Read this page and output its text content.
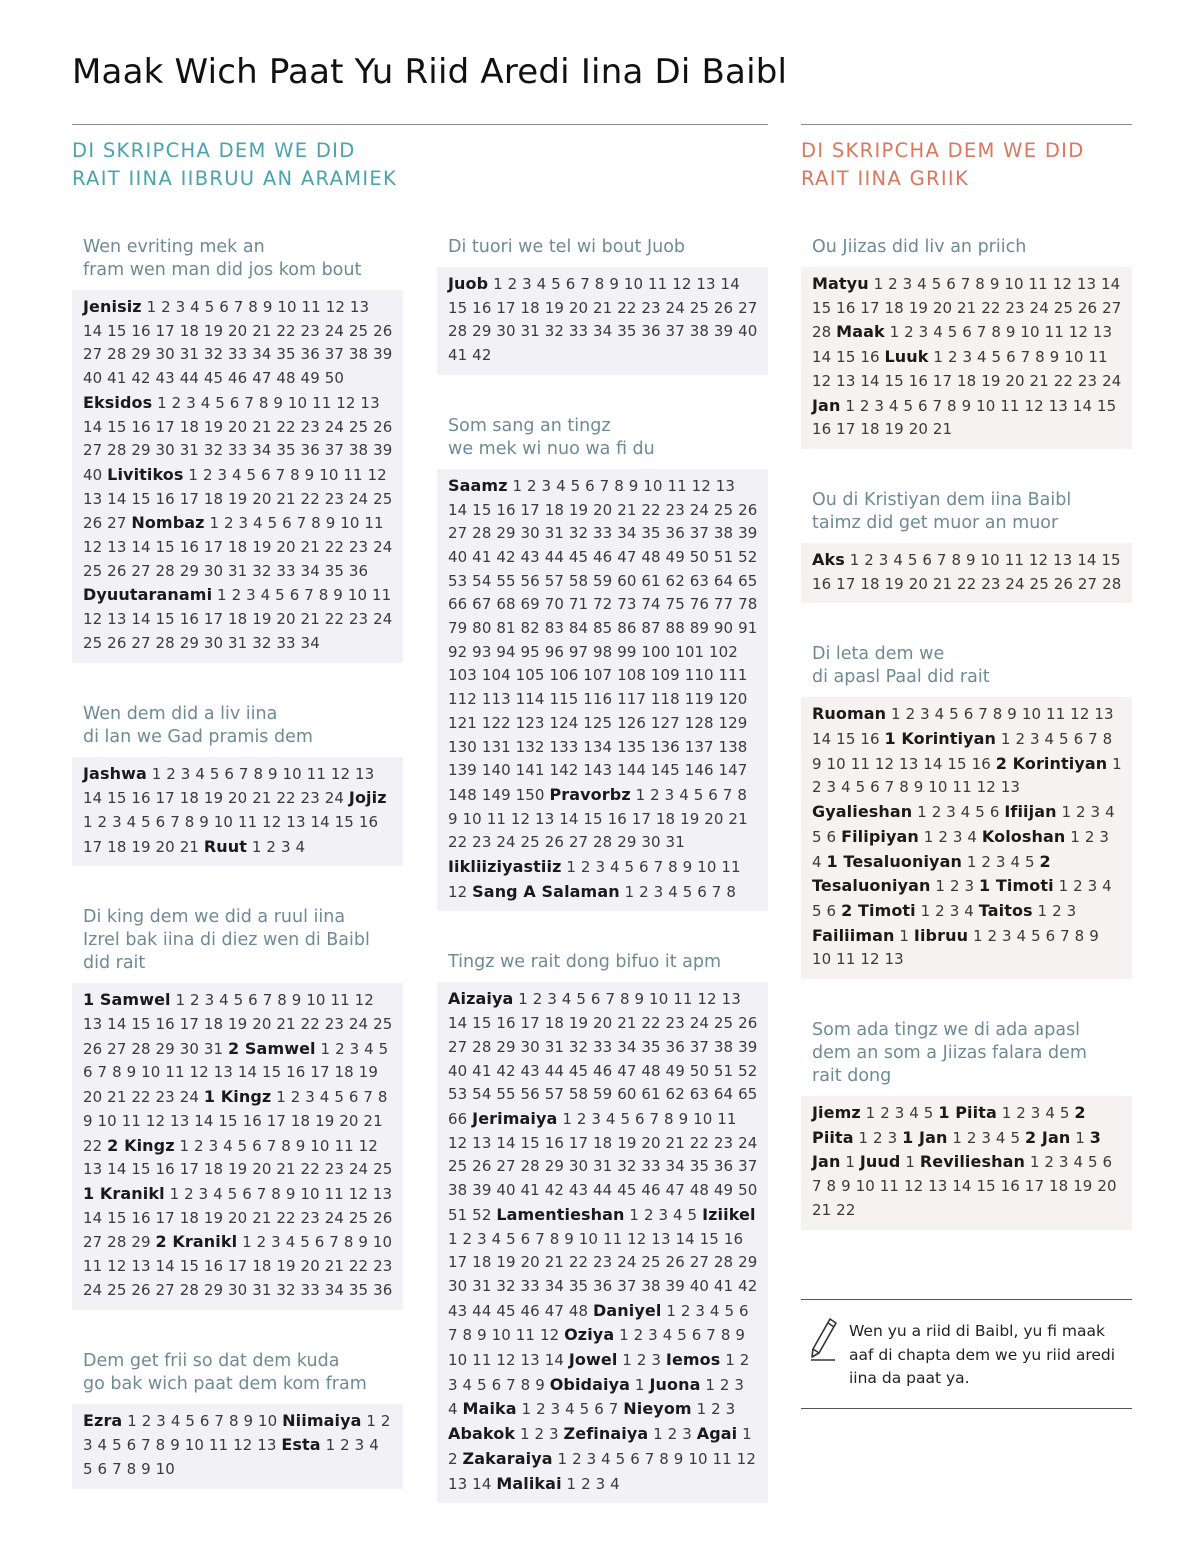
Maak Wich Paat Yu Riid Aredi Iina Di Baibl
DI SKRIPCHA DEM WE DID
RAIT IINA IIBRUU AN ARAMIEK
DI SKRIPCHA DEM WE DID
RAIT IINA GRIIK
Wen evriting mek an
fram wen man did jos kom bout
Jenisiz 1 2 3 4 5 6 7 8 9 10 11 12 13 14 15 16 17 18 19 20 21 22 23 24 25 26 27 28 29 30 31 32 33 34 35 36 37 38 39 40 41 42 43 44 45 46 47 48 49 50 Eksidos 1 2 3 4 5 6 7 8 9 10 11 12 13 14 15 16 17 18 19 20 21 22 23 24 25 26 27 28 29 30 31 32 33 34 35 36 37 38 39 40 Livitikos 1 2 3 4 5 6 7 8 9 10 11 12 13 14 15 16 17 18 19 20 21 22 23 24 25 26 27 Nombaz 1 2 3 4 5 6 7 8 9 10 11 12 13 14 15 16 17 18 19 20 21 22 23 24 25 26 27 28 29 30 31 32 33 34 35 36 Dyuutaranami 1 2 3 4 5 6 7 8 9 10 11 12 13 14 15 16 17 18 19 20 21 22 23 24 25 26 27 28 29 30 31 32 33 34
Wen dem did a liv iina
di lan we Gad pramis dem
Jashwa 1 2 3 4 5 6 7 8 9 10 11 12 13 14 15 16 17 18 19 20 21 22 23 24 Jojiz 1 2 3 4 5 6 7 8 9 10 11 12 13 14 15 16 17 18 19 20 21 Ruut 1 2 3 4
Di king dem we did a ruul iina
Izrel bak iina di diez wen di Baibl
did rait
1 Samwel 1 2 3 4 5 6 7 8 9 10 11 12 13 14 15 16 17 18 19 20 21 22 23 24 25 26 27 28 29 30 31 2 Samwel 1 2 3 4 5 6 7 8 9 10 11 12 13 14 15 16 17 18 19 20 21 22 23 24 1 Kingz 1 2 3 4 5 6 7 8 9 10 11 12 13 14 15 16 17 18 19 20 21 22 2 Kingz 1 2 3 4 5 6 7 8 9 10 11 12 13 14 15 16 17 18 19 20 21 22 23 24 25 1 Kranikl 1 2 3 4 5 6 7 8 9 10 11 12 13 14 15 16 17 18 19 20 21 22 23 24 25 26 27 28 29 2 Kranikl 1 2 3 4 5 6 7 8 9 10 11 12 13 14 15 16 17 18 19 20 21 22 23 24 25 26 27 28 29 30 31 32 33 34 35 36
Dem get frii so dat dem kuda
go bak wich paat dem kom fram
Ezra 1 2 3 4 5 6 7 8 9 10 Niimaiya 1 2 3 4 5 6 7 8 9 10 11 12 13 Esta 1 2 3 4 5 6 7 8 9 10
Di tuori we tel wi bout Juob
Juob 1 2 3 4 5 6 7 8 9 10 11 12 13 14 15 16 17 18 19 20 21 22 23 24 25 26 27 28 29 30 31 32 33 34 35 36 37 38 39 40 41 42
Som sang an tingz
we mek wi nuo wa fi du
Saamz 1 2 3 4 5 6 7 8 9 10 11 12 13 14 15 16 17 18 19 20 21 22 23 24 25 26 27 28 29 30 31 32 33 34 35 36 37 38 39 40 41 42 43 44 45 46 47 48 49 50 51 52 53 54 55 56 57 58 59 60 61 62 63 64 65 66 67 68 69 70 71 72 73 74 75 76 77 78 79 80 81 82 83 84 85 86 87 88 89 90 91 92 93 94 95 96 97 98 99 100 101 102 103 104 105 106 107 108 109 110 111 112 113 114 115 116 117 118 119 120 121 122 123 124 125 126 127 128 129 130 131 132 133 134 135 136 137 138 139 140 141 142 143 144 145 146 147 148 149 150 Pravorbz 1 2 3 4 5 6 7 8 9 10 11 12 13 14 15 16 17 18 19 20 21 22 23 24 25 26 27 28 29 30 31 Iikliiziyastiiz 1 2 3 4 5 6 7 8 9 10 11 12 Sang A Salaman 1 2 3 4 5 6 7 8
Tingz we rait dong bifuo it apm
Aizaiya 1 2 3 4 5 6 7 8 9 10 11 12 13 14 15 16 17 18 19 20 21 22 23 24 25 26 27 28 29 30 31 32 33 34 35 36 37 38 39 40 41 42 43 44 45 46 47 48 49 50 51 52 53 54 55 56 57 58 59 60 61 62 63 64 65 66 Jerimaiya 1 2 3 4 5 6 7 8 9 10 11 12 13 14 15 16 17 18 19 20 21 22 23 24 25 26 27 28 29 30 31 32 33 34 35 36 37 38 39 40 41 42 43 44 45 46 47 48 49 50 51 52 Lamentieshan 1 2 3 4 5 Iziikel 1 2 3 4 5 6 7 8 9 10 11 12 13 14 15 16 17 18 19 20 21 22 23 24 25 26 27 28 29 30 31 32 33 34 35 36 37 38 39 40 41 42 43 44 45 46 47 48 Daniyel 1 2 3 4 5 6 7 8 9 10 11 12 Oziya 1 2 3 4 5 6 7 8 9 10 11 12 13 14 Jowel 1 2 3 Iemos 1 2 3 4 5 6 7 8 9 Obidaiya 1 Juona 1 2 3 4 Maika 1 2 3 4 5 6 7 Nieyom 1 2 3 Abakok 1 2 3 Zefinaiya 1 2 3 Agai 1 2 Zakaraiya 1 2 3 4 5 6 7 8 9 10 11 12 13 14 Malikai 1 2 3 4
Ou Jiizas did liv an priich
Matyu 1 2 3 4 5 6 7 8 9 10 11 12 13 14 15 16 17 18 19 20 21 22 23 24 25 26 27 28 Maak 1 2 3 4 5 6 7 8 9 10 11 12 13 14 15 16 Luuk 1 2 3 4 5 6 7 8 9 10 11 12 13 14 15 16 17 18 19 20 21 22 23 24 Jan 1 2 3 4 5 6 7 8 9 10 11 12 13 14 15 16 17 18 19 20 21
Ou di Kristiyan dem iina Baibl
taimz did get muor an muor
Aks 1 2 3 4 5 6 7 8 9 10 11 12 13 14 15 16 17 18 19 20 21 22 23 24 25 26 27 28
Di leta dem we
di apasl Paal did rait
Ruoman 1 2 3 4 5 6 7 8 9 10 11 12 13 14 15 16 1 Korintiyan 1 2 3 4 5 6 7 8 9 10 11 12 13 14 15 16 2 Korintiyan 1 2 3 4 5 6 7 8 9 10 11 12 13 Gyalieshan 1 2 3 4 5 6 Ifiijan 1 2 3 4 5 6 Filipiyan 1 2 3 4 Koloshan 1 2 3 4 1 Tesaluoniyan 1 2 3 4 5 2 Tesaluoniyan 1 2 3 1 Timoti 1 2 3 4 5 6 2 Timoti 1 2 3 4 Taitos 1 2 3 Failiiman 1 Iibruu 1 2 3 4 5 6 7 8 9 10 11 12 13
Som ada tingz we di ada apasl
dem an som a Jiizas falara dem
rait dong
Jiemz 1 2 3 4 5 1 Piita 1 2 3 4 5 2 Piita 1 2 3 1 Jan 1 2 3 4 5 2 Jan 1 3 Jan 1 Juud 1 Revilieshan 1 2 3 4 5 6 7 8 9 10 11 12 13 14 15 16 17 18 19 20 21 22

Wen yu a riid di Baibl, yu fi maak aaf di chapta dem we yu riid aredi iina da paat ya.
